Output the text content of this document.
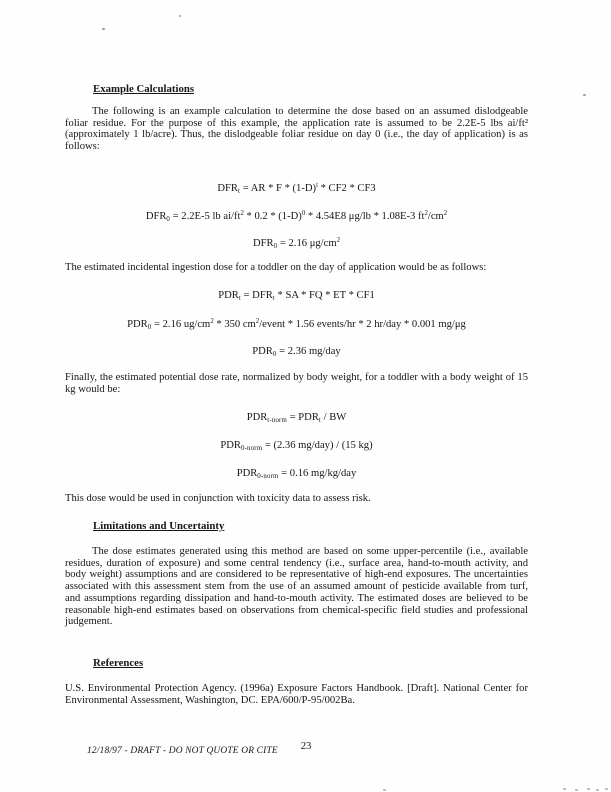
Example Calculations
The following is an example calculation to determine the dose based on an assumed dislodgeable foliar residue. For the purpose of this example, the application rate is assumed to be 2.2E-5 lbs ai/ft² (approximately 1 lb/acre). Thus, the dislodgeable foliar residue on day 0 (i.e., the day of application) is as follows:
$DFR_t$ = AR * F * $(1-D)^t * CF2 * CF3$
$DFR_0 = 2.2E-5$ lb $ai/ft^2 * 0.2 * (1-D)^0 * 4.54E8$ μg/lb * 1.08E-3 $ft^2/cm^2$
$DFR_0 = 2.16$ $\mu g/cm^2$
The estimated incidental ingestion dose for a toddler on the day of application would be as follows:
$PDR_t = DFR_t$ * SA * FQ * ET * CF1
$PDR_0 = 2.16$ $ug/cm^2 * 350$ $cm^2$/event * 1.56 events/hr * 2 hr/day * 0.001 mg/μg
$PDR_0 = 2.36$ mg/day
Finally, the estimated potential dose rate, normalized by body weight, for a toddler with a body weight of 15 kg would be:
$PDR_{t-norm} = PDR_t$ / BW
$PDR_{0-norm} = (2.36$ mg/day) / (15 kg)
$PDR_{0-norm} = 0.16$ mg/kg/day
This dose would be used in conjunction with toxicity data to assess risk.
Limitations and Uncertainty
The dose estimates generated using this method are based on some upper-percentile (i.e., available residues, duration of exposure) and some central tendency (i.e., surface area, hand-to-mouth activity, and body weight) assumptions and are considered to be representative of high-end exposures. The uncertainties associated with this assessment stem from the use of an assumed amount of pesticide available from turf, and assumptions regarding dissipation and hand-to-mouth activity. The estimated doses are believed to be reasonable high-end estimates based on observations from chemical-specific field studies and professional judgement.
References
U.S. Environmental Protection Agency. (1996a) Exposure Factors Handbook. [Draft]. National Center for Environmental Assessment, Washington, DC. EPA/600/P-95/002Ba.
12/18/97 - DRAFT - DO NOT QUOTE OR CITE	23
